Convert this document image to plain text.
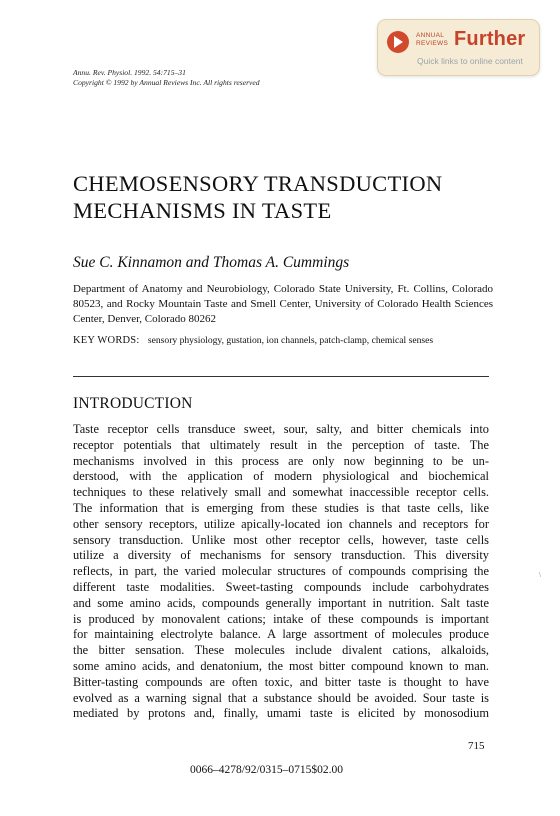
Annu. Rev. Physiol. 1992. 54:715–31
Copyright © 1992 by Annual Reviews Inc. All rights reserved
ANNUAL
REVIEWS Further
Quick links to online content
CHEMOSENSORY TRANSDUCTION MECHANISMS IN TASTE
Sue C. Kinnamon and Thomas A. Cummings
Department of Anatomy and Neurobiology, Colorado State University, Ft. Collins, Colorado 80523, and Rocky Mountain Taste and Smell Center, University of Colorado Health Sciences Center, Denver, Colorado 80262
KEY WORDS: sensory physiology, gustation, ion channels, patch-clamp, chemical senses
INTRODUCTION
Taste receptor cells transduce sweet, sour, salty, and bitter chemicals into
receptor potentials that ultimately result in the perception of taste. The
mechanisms involved in this process are only now beginning to be un-
derstood, with the application of modern physiological and biochemical
techniques to these relatively small and somewhat inaccessible receptor cells.
The information that is emerging from these studies is that taste cells, like
other sensory receptors, utilize apically-located ion channels and receptors for
sensory transduction. Unlike most other receptor cells, however, taste cells
utilize a diversity of mechanisms for sensory transduction. This diversity
reflects, in part, the varied molecular structures of compounds comprising the
different taste modalities. Sweet-tasting compounds include carbohydrates
and some amino acids, compounds generally important in nutrition. Salt taste
is produced by monovalent cations; intake of these compounds is important
for maintaining electrolyte balance. A large assortment of molecules produce
the bitter sensation. These molecules include divalent cations, alkaloids,
some amino acids, and denatonium, the most bitter compound known to man.
Bitter-tasting compounds are often toxic, and bitter taste is thought to have
evolved as a warning signal that a substance should be avoided. Sour taste is
mediated by protons and, finally, umami taste is elicited by monosodium
\
715
0066–4278/92/0315–0715$02.00
